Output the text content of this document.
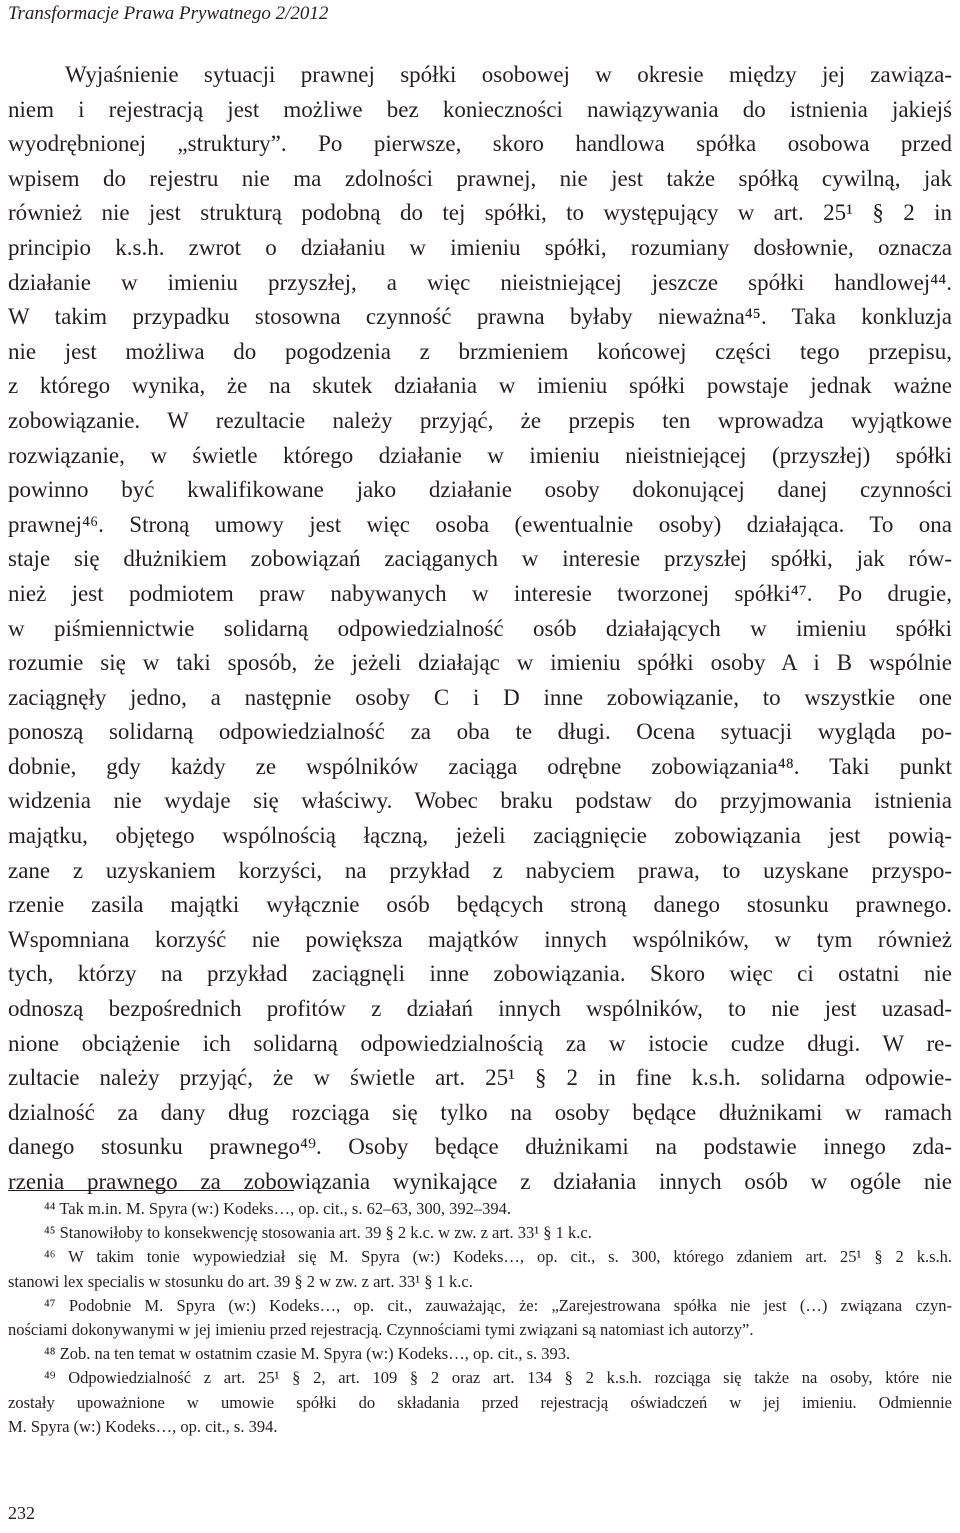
Transformacje Prawa Prywatnego 2/2012
Wyjaśnienie sytuacji prawnej spółki osobowej w okresie między jej zawiąza-
niem i rejestracją jest możliwe bez konieczności nawiązywania do istnienia jakiejś
wyodrębnionej „struktury”. Po pierwsze, skoro handlowa spółka osobowa przed
wpisem do rejestru nie ma zdolności prawnej, nie jest także spółką cywilną, jak
również nie jest strukturą podobną do tej spółki, to występujący w art. 25¹ § 2 in
principio k.s.h. zwrot o działaniu w imieniu spółki, rozumiany dosłownie, oznacza
działanie w imieniu przyszłej, a więc nieistniejącej jeszcze spółki handlowej⁴⁴.
W takim przypadku stosowna czynność prawna byłaby nieważna⁴⁵. Taka konkluzja
nie jest możliwa do pogodzenia z brzmieniem końcowej części tego przepisu,
z którego wynika, że na skutek działania w imieniu spółki powstaje jednak ważne
zobowiązanie. W rezultacie należy przyjąć, że przepis ten wprowadza wyjątkowe
rozwiązanie, w świetle którego działanie w imieniu nieistniejącej (przyszłej) spółki
powinno być kwalifikowane jako działanie osoby dokonującej danej czynności
prawnej⁴⁶. Stroną umowy jest więc osoba (ewentualnie osoby) działająca. To ona
staje się dłużnikiem zobowiązań zaciąganych w interesie przyszłej spółki, jak rów-
nież jest podmiotem praw nabywanych w interesie tworzonej spółki⁴⁷. Po drugie,
w piśmiennictwie solidarną odpowiedzialność osób działających w imieniu spółki
rozumie się w taki sposób, że jeżeli działając w imieniu spółki osoby A i B wspólnie
zaciągnęły jedno, a następnie osoby C i D inne zobowiązanie, to wszystkie one
ponoszą solidarną odpowiedzialność za oba te długi. Ocena sytuacji wygląda po-
dobnie, gdy każdy ze wspólników zaciąga odrębne zobowiązania⁴⁸. Taki punkt
widzenia nie wydaje się właściwy. Wobec braku podstaw do przyjmowania istnienia
majątku, objętego wspólnością łączną, jeżeli zaciągnięcie zobowiązania jest powią-
zane z uzyskaniem korzyści, na przykład z nabyciem prawa, to uzyskane przyspo-
rzenie zasila majątki wyłącznie osób będących stroną danego stosunku prawnego.
Wspomniana korzyść nie powiększa majątków innych wspólników, w tym również
tych, którzy na przykład zaciągnęli inne zobowiązania. Skoro więc ci ostatni nie
odnoszą bezpośrednich profitów z działań innych wspólników, to nie jest uzasad-
nione obciążenie ich solidarną odpowiedzialnością za w istocie cudze długi. W re-
zultacie należy przyjąć, że w świetle art. 25¹ § 2 in fine k.s.h. solidarna odpowie-
dzialność za dany dług rozciąga się tylko na osoby będące dłużnikami w ramach
danego stosunku prawnego⁴⁹. Osoby będące dłużnikami na podstawie innego zda-
rzenia prawnego za zobowiązania wynikające z działania innych osób w ogóle nie
⁴⁴ Tak m.in. M. Spyra (w:) Kodeks…, op. cit., s. 62–63, 300, 392–394.
⁴⁵ Stanowiłoby to konsekwencję stosowania art. 39 § 2 k.c. w zw. z art. 33¹ § 1 k.c.
⁴⁶ W takim tonie wypowiedział się M. Spyra (w:) Kodeks…, op. cit., s. 300, którego zdaniem art. 25¹ § 2 k.s.h.
stanowi lex specialis w stosunku do art. 39 § 2 w zw. z art. 33¹ § 1 k.c.
⁴⁷ Podobnie M. Spyra (w:) Kodeks…, op. cit., zauważając, że: „Zarejestrowana spółka nie jest (…) związana czyn-
nościami dokonywanymi w jej imieniu przed rejestracją. Czynnościami tymi związani są natomiast ich autorzy”.
⁴⁸ Zob. na ten temat w ostatnim czasie M. Spyra (w:) Kodeks…, op. cit., s. 393.
⁴⁹ Odpowiedzialność z art. 25¹ § 2, art. 109 § 2 oraz art. 134 § 2 k.s.h. rozciąga się także na osoby, które nie
zostały upoważnione w umowie spółki do składania przed rejestracją oświadczeń w jej imieniu. Odmiennie
M. Spyra (w:) Kodeks…, op. cit., s. 394.
232
